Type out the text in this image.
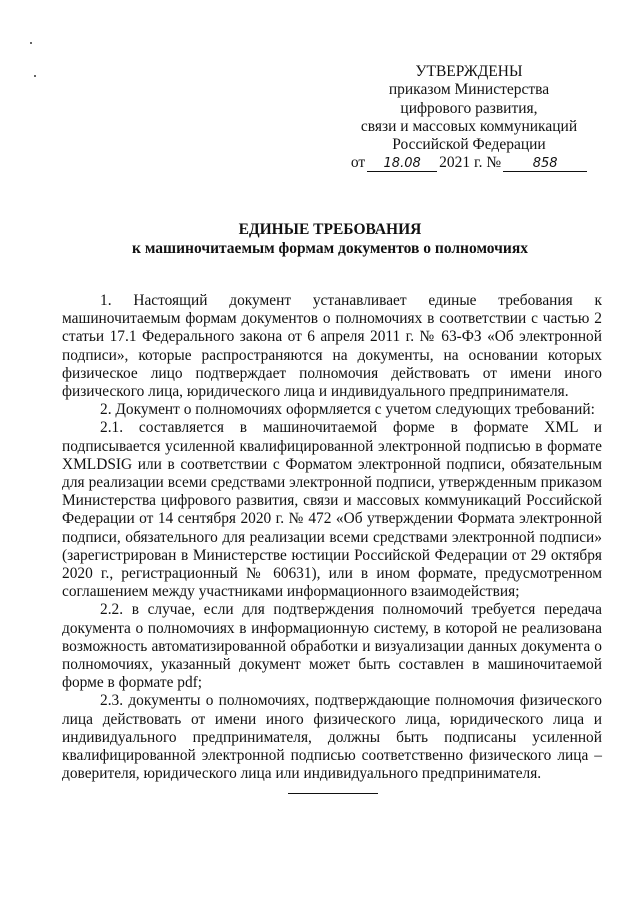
УТВЕРЖДЕНЫ
приказом Министерства
цифрового развития,
связи и массовых коммуникаций
Российской Федерации
от	18.08	2021 г. №	858
ЕДИНЫЕ ТРЕБОВАНИЯ
к машиночитаемым формам документов о полномочиях

1. Настоящий документ устанавливает единые требования к машиночитаемым формам документов о полномочиях в соответствии с частью 2 статьи 17.1 Федерального закона от 6 апреля 2011 г. № 63-ФЗ «Об электронной подписи», которые распространяются на документы, на основании которых физическое лицо подтверждает полномочия действовать от имени иного физического лица, юридического лица и индивидуального предпринимателя.

2. Документ о полномочиях оформляется с учетом следующих требований:

2.1. составляется в машиночитаемой форме в формате XML и подписывается усиленной квалифицированной электронной подписью в формате XMLDSIG или в соответствии с Форматом электронной подписи, обязательным для реализации всеми средствами электронной подписи, утвержденным приказом Министерства цифрового развития, связи и массовых коммуникаций Российской Федерации от 14 сентября 2020 г. № 472 «Об утверждении Формата электронной подписи, обязательного для реализации всеми средствами электронной подписи» (зарегистрирован в Министерстве юстиции Российской Федерации от 29 октября 2020 г., регистрационный № 60631), или в ином формате, предусмотренном соглашением между участниками информационного взаимодействия;

2.2. в случае, если для подтверждения полномочий требуется передача документа о полномочиях в информационную систему, в которой не реализована возможность автоматизированной обработки и визуализации данных документа о полномочиях, указанный документ может быть составлен в машиночитаемой форме в формате pdf;

2.3. документы о полномочиях, подтверждающие полномочия физического лица действовать от имени иного физического лица, юридического лица и индивидуального предпринимателя, должны быть подписаны усиленной квалифицированной электронной подписью соответственно физического лица – доверителя, юридического лица или индивидуального предпринимателя.
